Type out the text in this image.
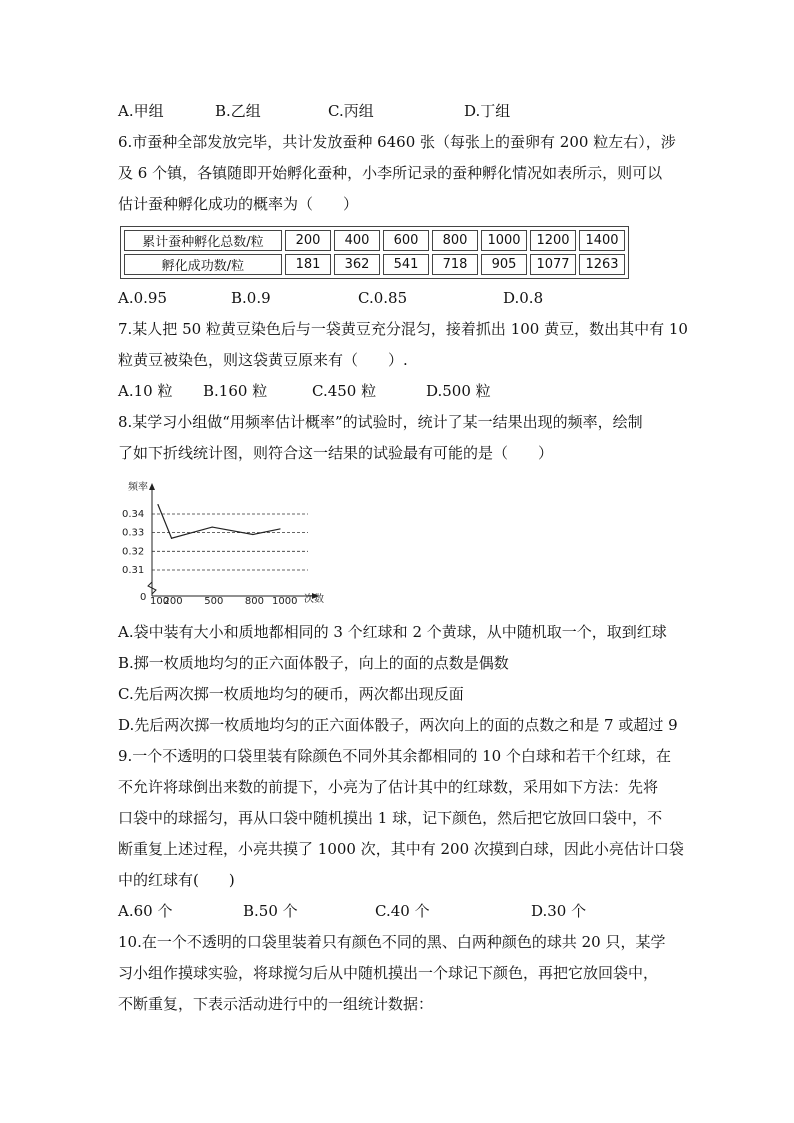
A.甲组	B.乙组	C.丙组	D.丁组
6.市蚕种全部发放完毕，共计发放蚕种 6460 张（每张上的蚕卵有 200 粒左右），涉
及 6 个镇，各镇随即开始孵化蚕种，小李所记录的蚕种孵化情况如表所示，则可以
估计蚕种孵化成功的概率为（　　）
累计蚕种孵化总数/粒	200	400	600	800	1000	1200	1400
孵化成功数/粒	181	362	541	718	905	1077	1263
A.0.95	B.0.9	C.0.85	D.0.8
7.某人把 50 粒黄豆染色后与一袋黄豆充分混匀，接着抓出 100 黄豆，数出其中有 10
粒黄豆被染色，则这袋黄豆原来有（　　）.
A.10 粒 B.160 粒	C.450 粒	D.500 粒
8.某学习小组做“用频率估计概率”的试验时，统计了某一结果出现的频率，绘制
了如下折线统计图，则符合这一结果的试验最有可能的是（　　）
频率
次数
0
0.31
0.32
0.33
0.34
100
200 500 800 1000
A.袋中装有大小和质地都相同的 3 个红球和 2 个黄球，从中随机取一个，取到红球
B.掷一枚质地均匀的正六面体骰子，向上的面的点数是偶数
C.先后两次掷一枚质地均匀的硬币，两次都出现反面
D.先后两次掷一枚质地均匀的正六面体骰子，两次向上的面的点数之和是 7 或超过 9
9.一个不透明的口袋里装有除颜色不同外其余都相同的 10 个白球和若干个红球，在
不允许将球倒出来数的前提下，小亮为了估计其中的红球数，采用如下方法：先将
口袋中的球摇匀，再从口袋中随机摸出 1 球，记下颜色，然后把它放回口袋中，不
断重复上述过程，小亮共摸了 1000 次，其中有 200 次摸到白球，因此小亮估计口袋
中的红球有(　　)
A.60 个	B.50 个	C.40 个	D.30 个
10.在一个不透明的口袋里装着只有颜色不同的黑、白两种颜色的球共 20 只，某学
习小组作摸球实验，将球搅匀后从中随机摸出一个球记下颜色，再把它放回袋中，
不断重复，下表示活动进行中的一组统计数据：
